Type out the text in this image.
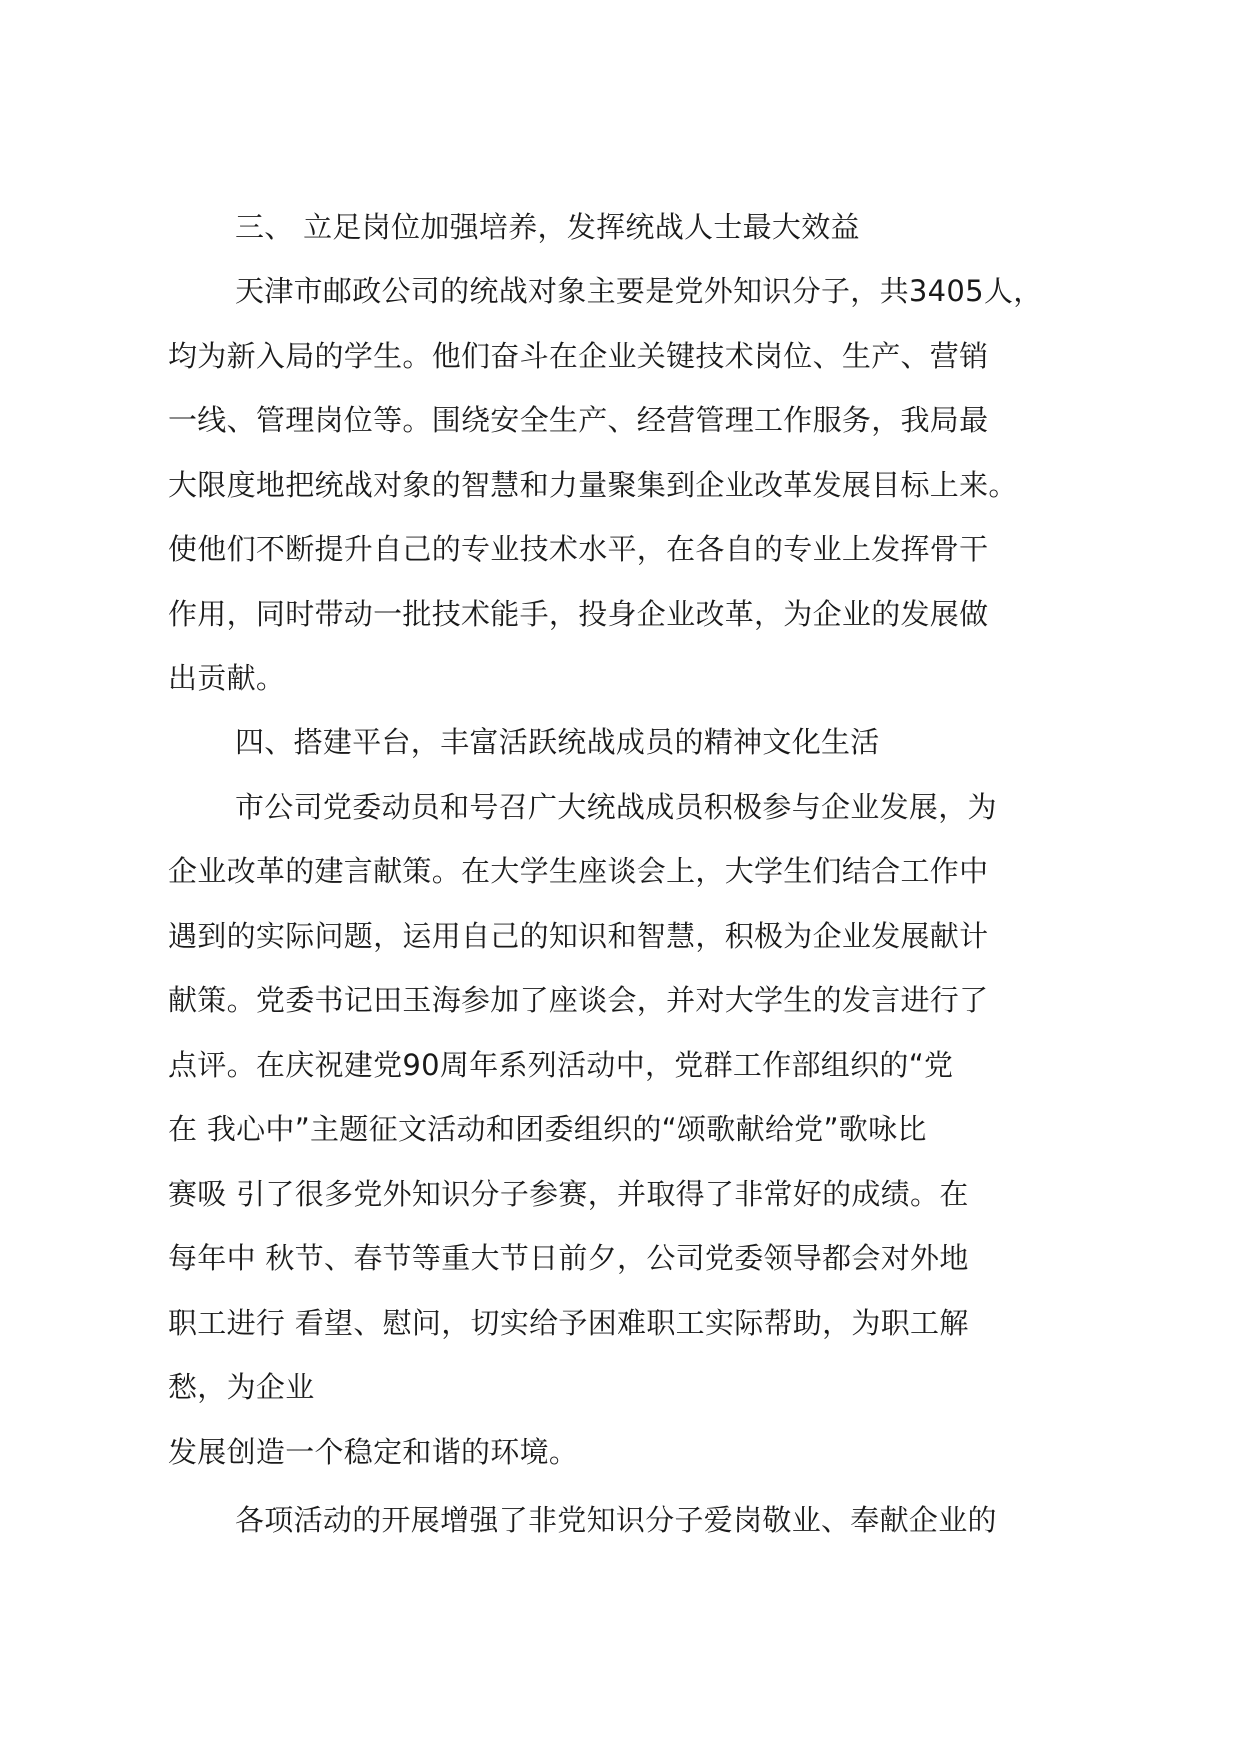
三、 立足岗位加强培养，发挥统战人士最大效益
天津市邮政公司的统战对象主要是党外知识分子，共3405人，
均为新入局的学生。他们奋斗在企业关键技术岗位、生产、营销
一线、管理岗位等。围绕安全生产、经营管理工作服务，我局最
大限度地把统战对象的智慧和力量聚集到企业改革发展目标上来。
使他们不断提升自己的专业技术水平，在各自的专业上发挥骨干
作用，同时带动一批技术能手，投身企业改革，为企业的发展做
出贡献。
四、搭建平台，丰富活跃统战成员的精神文化生活
市公司党委动员和号召广大统战成员积极参与企业发展，为
企业改革的建言献策。在大学生座谈会上，大学生们结合工作中
遇到的实际问题，运用自己的知识和智慧，积极为企业发展献计
献策。党委书记田玉海参加了座谈会，并对大学生的发言进行了
点评。在庆祝建党90周年系列活动中，党群工作部组织的“党
在 我心中”主题征文活动和团委组织的“颂歌献给党”歌咏比
赛吸 引了很多党外知识分子参赛，并取得了非常好的成绩。在
每年中 秋节、春节等重大节日前夕，公司党委领导都会对外地
职工进行 看望、慰问，切实给予困难职工实际帮助，为职工解
愁，为企业
发展创造一个稳定和谐的环境。
各项活动的开展增强了非党知识分子爱岗敬业、奉献企业的
